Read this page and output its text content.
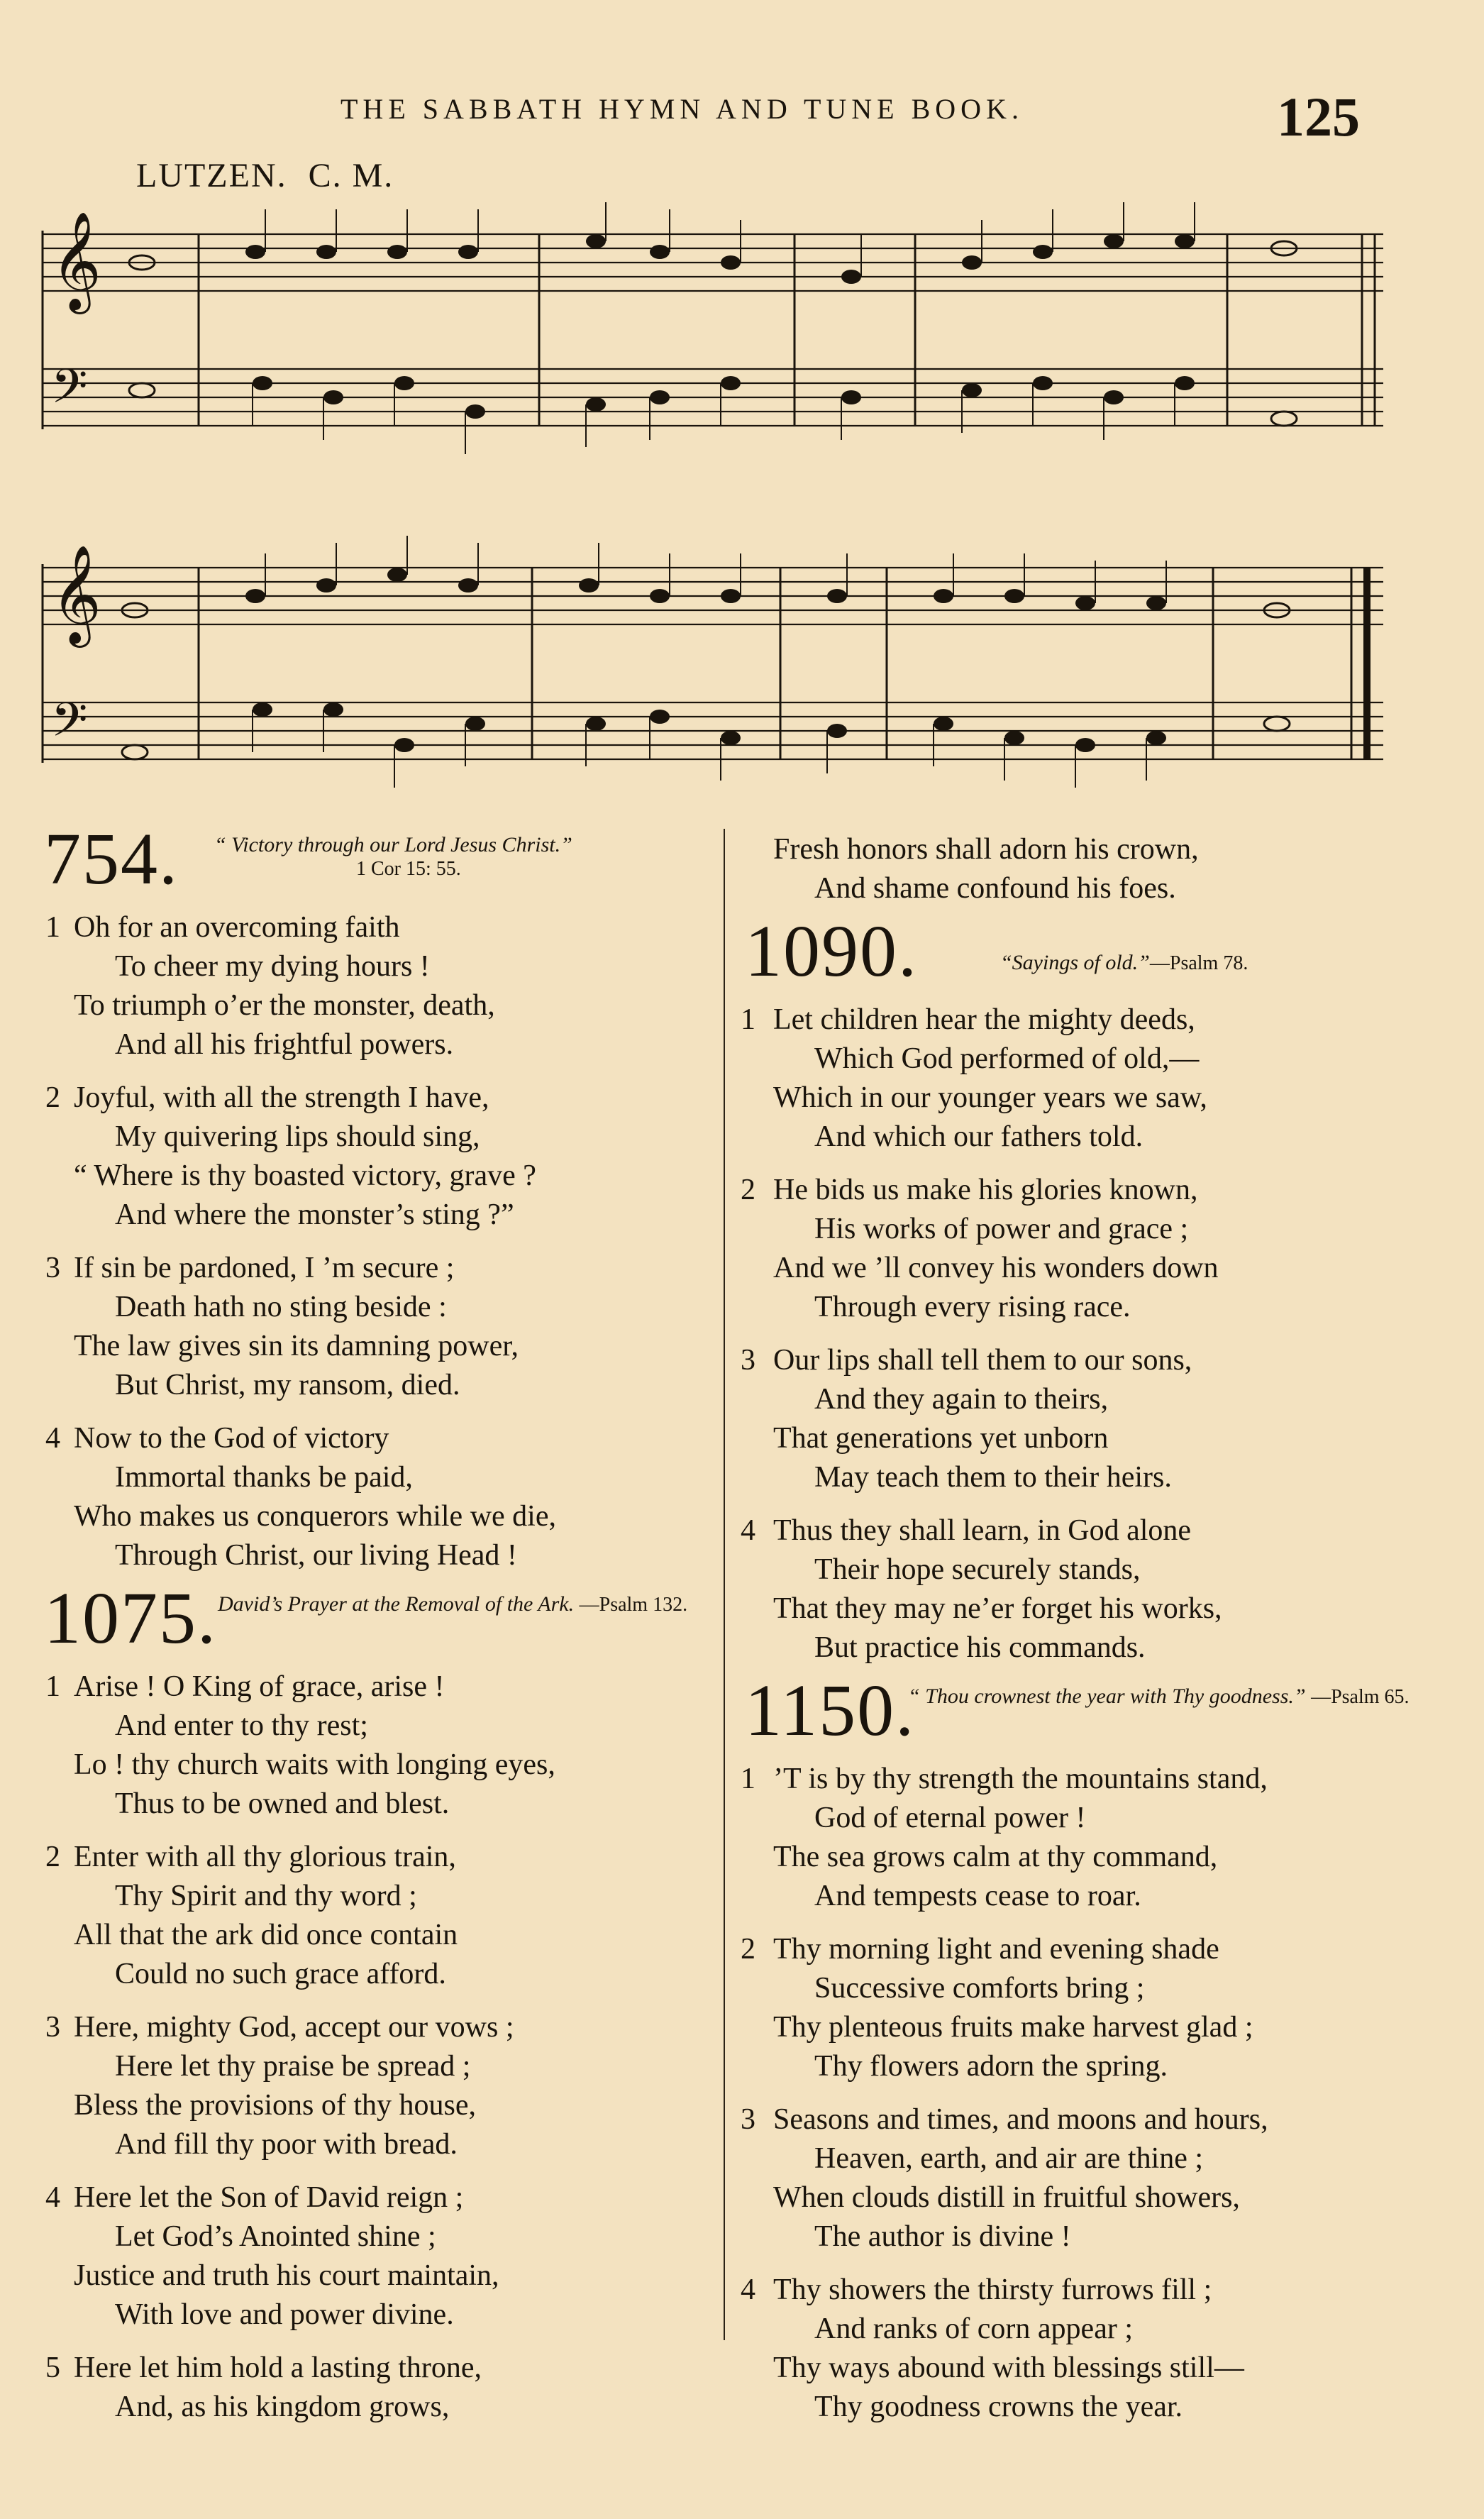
THE SABBATH HYMN AND TUNE BOOK.	125
LUTZEN. C. M.
𝄞
𝄢
𝄞
𝄢
754. “ Victory through our Lord Jesus Christ.”
1 Cor 15: 55.
1 Oh for an overcoming faith
To cheer my dying hours !
To triumph o’er the monster, death,
And all his frightful powers.
2 Joyful, with all the strength I have,
My quivering lips should sing,
“ Where is thy boasted victory, grave ?
And where the monster’s sting ?”
3 If sin be pardoned, I ’m secure ;
Death hath no sting beside :
The law gives sin its damning power,
But Christ, my ransom, died.
4 Now to the God of victory
Immortal thanks be paid,
Who makes us conquerors while we die,
Through Christ, our living Head !
1075. David’s Prayer at the Removal of the Ark. —Psalm 132.
1 Arise ! O King of grace, arise !
And enter to thy rest;
Lo ! thy church waits with longing eyes,
Thus to be owned and blest.
2 Enter with all thy glorious train,
Thy Spirit and thy word ;
All that the ark did once contain
Could no such grace afford.
3 Here, mighty God, accept our vows ;
Here let thy praise be spread ;
Bless the provisions of thy house,
And fill thy poor with bread.
4 Here let the Son of David reign ;
Let God’s Anointed shine ;
Justice and truth his court maintain,
With love and power divine.
5 Here let him hold a lasting throne,
And, as his kingdom grows,
Fresh honors shall adorn his crown,
And shame confound his foes.
1090.	“Sayings of old.”—Psalm 78.
1 Let children hear the mighty deeds,
Which God performed of old,—
Which in our younger years we saw,
And which our fathers told.
2 He bids us make his glories known,
His works of power and grace ;
And we ’ll convey his wonders down
Through every rising race.
3 Our lips shall tell them to our sons,
And they again to theirs,
That generations yet unborn
May teach them to their heirs.
4 Thus they shall learn, in God alone
Their hope securely stands,
That they may ne’er forget his works,
But practice his commands.
1150.
“ Thou crownest the year with Thy goodness.” —Psalm 65.
1 ’T is by thy strength the mountains stand,
God of eternal power !
The sea grows calm at thy command,
And tempests cease to roar.
2 Thy morning light and evening shade
Successive comforts bring ;
Thy plenteous fruits make harvest glad ;
Thy flowers adorn the spring.
3 Seasons and times, and moons and hours,
Heaven, earth, and air are thine ;
When clouds distill in fruitful showers,
The author is divine !
4 Thy showers the thirsty furrows fill ;
And ranks of corn appear ;
Thy ways abound with blessings still—
Thy goodness crowns the year.
